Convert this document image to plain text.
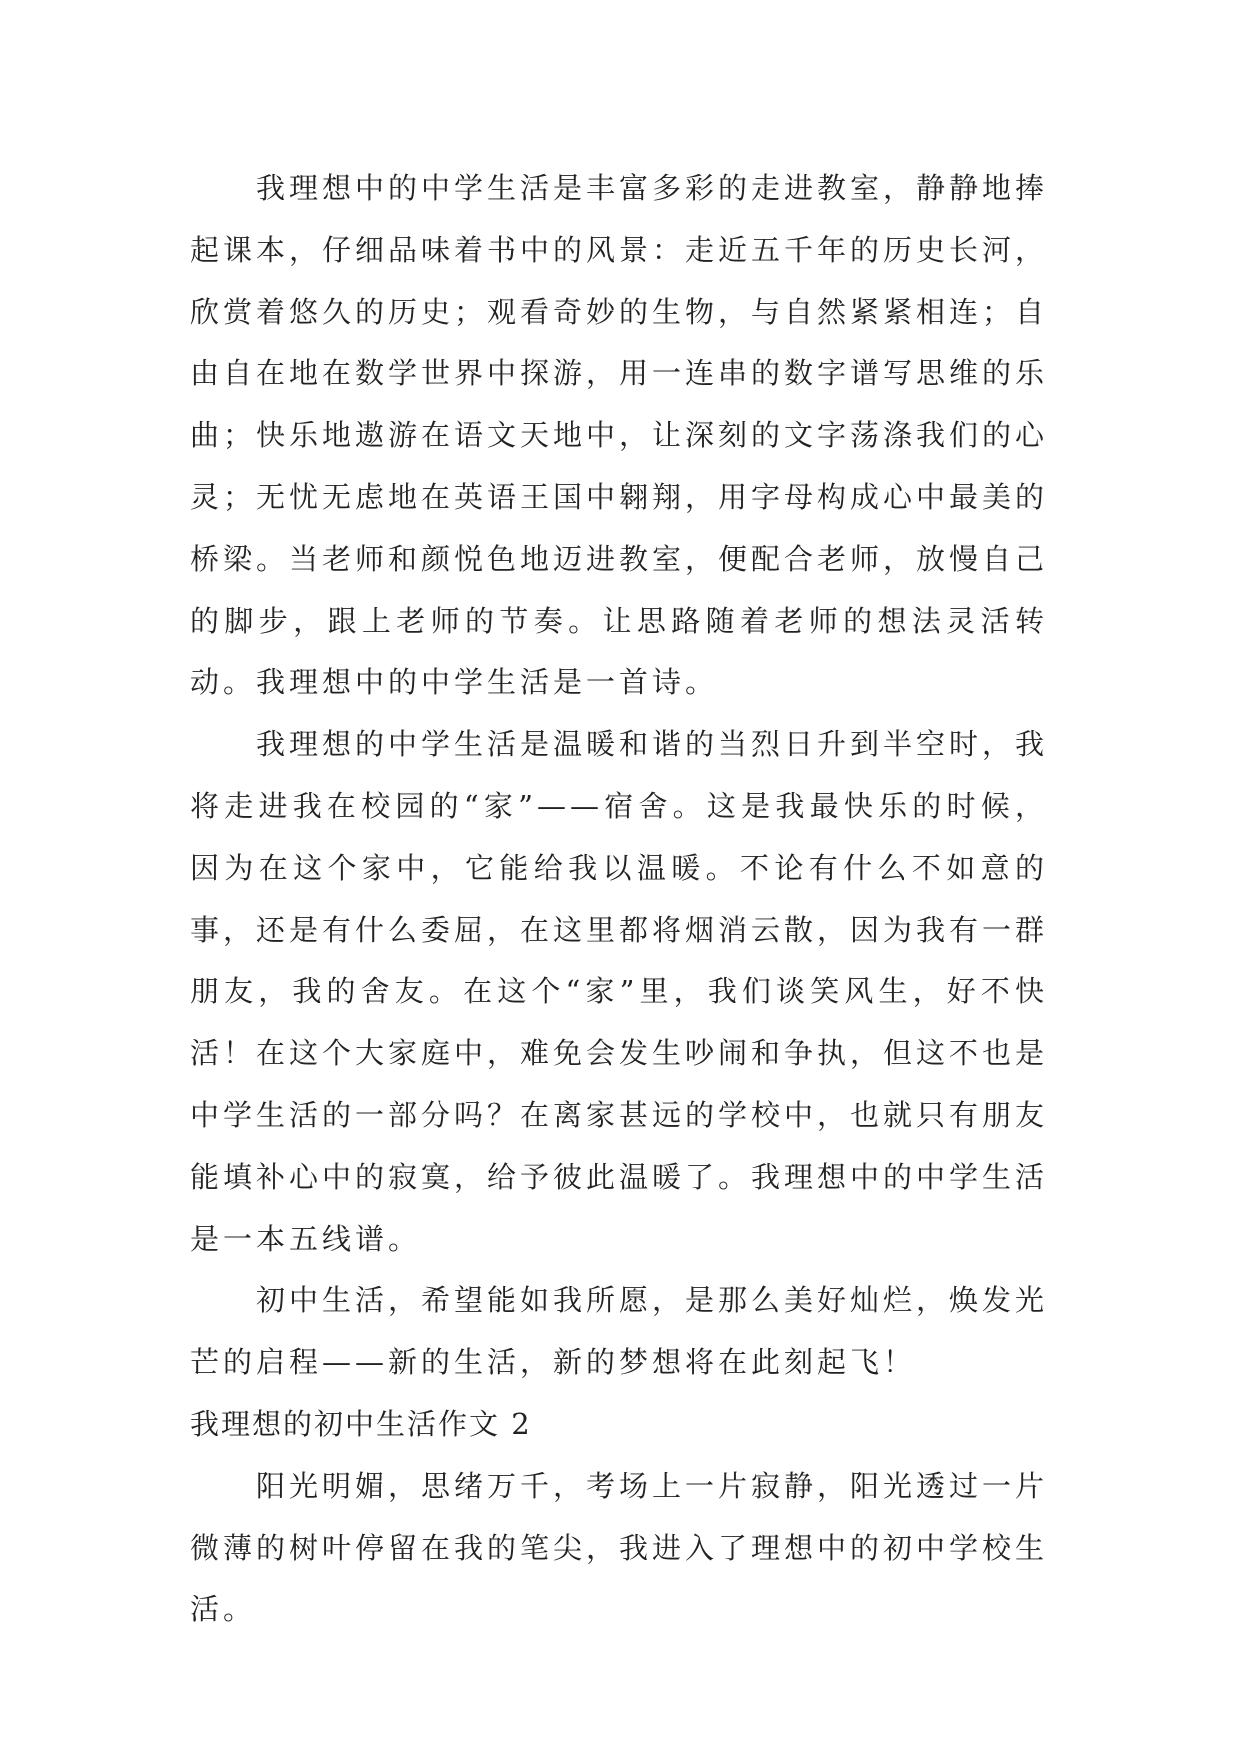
我理想中的中学生活是丰富多彩的走进教室，静静地捧起课本，仔细品味着书中的风景：走近五千年的历史长河，欣赏着悠久的历史；观看奇妙的生物，与自然紧紧相连；自由自在地在数学世界中探游，用一连串的数字谱写思维的乐曲；快乐地遨游在语文天地中，让深刻的文字荡涤我们的心灵；无忧无虑地在英语王国中翱翔，用字母构成心中最美的桥梁。当老师和颜悦色地迈进教室，便配合老师，放慢自己的脚步，跟上老师的节奏。让思路随着老师的想法灵活转动。我理想中的中学生活是一首诗。

我理想的中学生活是温暖和谐的当烈日升到半空时，我将走进我在校园的“家”——宿舍。这是我最快乐的时候，因为在这个家中，它能给我以温暖。不论有什么不如意的事，还是有什么委屈，在这里都将烟消云散，因为我有一群朋友，我的舍友。在这个“家”里，我们谈笑风生，好不快活！在这个大家庭中，难免会发生吵闹和争执，但这不也是中学生活的一部分吗？在离家甚远的学校中，也就只有朋友能填补心中的寂寞，给予彼此温暖了。我理想中的中学生活是一本五线谱。

初中生活，希望能如我所愿，是那么美好灿烂，焕发光芒的启程——新的生活，新的梦想将在此刻起飞！

我理想的初中生活作文 2

阳光明媚，思绪万千，考场上一片寂静，阳光透过一片微薄的树叶停留在我的笔尖，我进入了理想中的初中学校生活。
